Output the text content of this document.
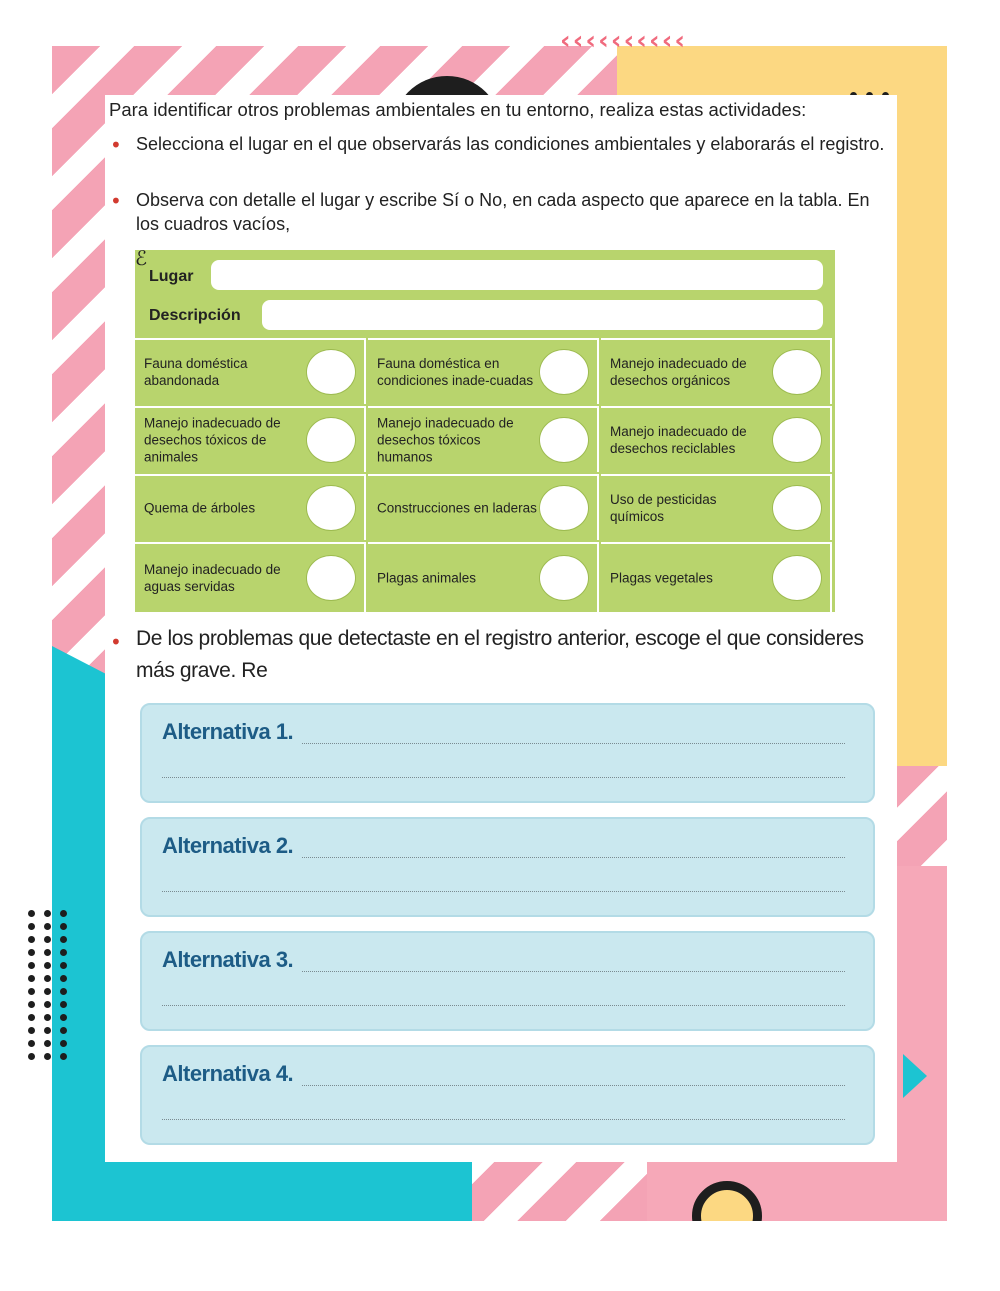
‹‹‹‹‹‹‹‹‹‹
Para identificar otros problemas ambientales en tu entorno, realiza estas actividades:
• Selecciona el lugar en el que observarás las condiciones ambientales y elaborarás el registro.
• Observa con detalle el lugar y escribe Sí o No, en cada aspecto que aparece en la tabla. En los cuadros vacíos,
ℰ
Lugar
Descripción
Fauna doméstica abandonada
Fauna doméstica en condiciones inade-cuadas
Manejo inadecuado de desechos orgánicos
Manejo inadecuado de desechos tóxicos de animales
Manejo inadecuado de desechos tóxicos humanos
Manejo inadecuado de desechos reciclables
Quema de árboles	Construcciones en laderas
Uso de pesticidas químicos
Manejo inadecuado de aguas servidas
Plagas animales	Plagas vegetales
• De los problemas que detectaste en el registro anterior, escoge el que consideres más grave. Re
Alternativa 1.
Alternativa 2.
Alternativa 3.
Alternativa 4.
